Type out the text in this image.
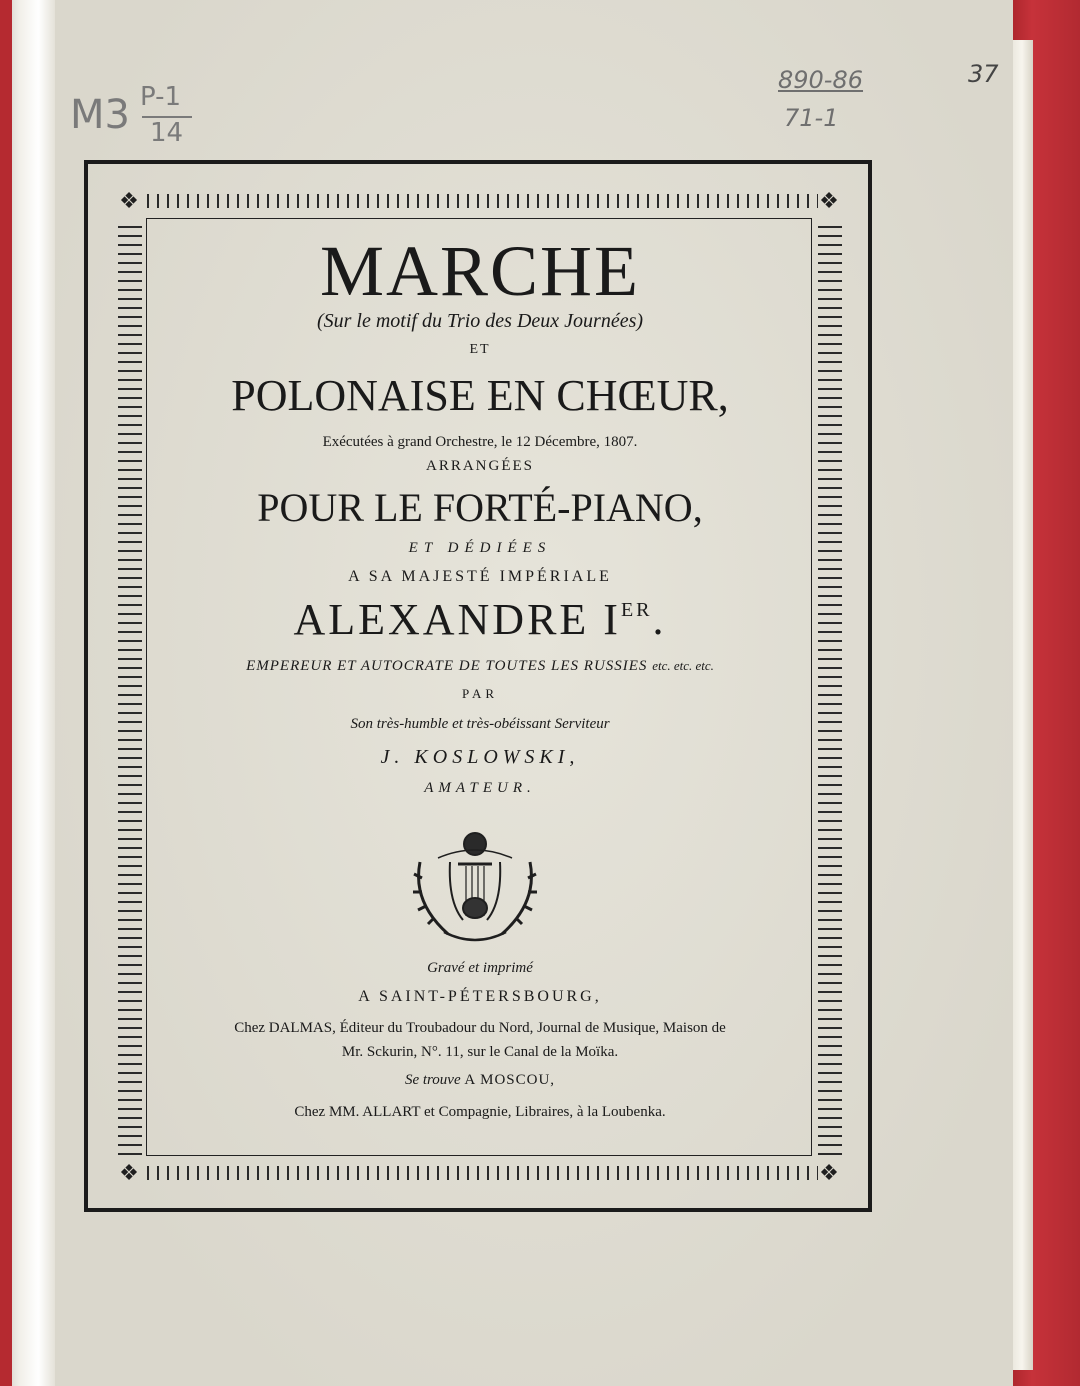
M3 P-1
14
890-86
71-1
37
❖	❖
❖	❖
MARCHE
(Sur le motif du Trio des Deux Journées)
ET
POLONAISE EN CHŒUR,
Exécutées à grand Orchestre, le 12 Décembre, 1807.
ARRANGÉES
POUR LE FORTÉ-PIANO,
ET DÉDIÉES
A SA MAJESTÉ IMPÉRIALE
ALEXANDRE IER.
EMPEREUR ET AUTOCRATE DE TOUTES LES RUSSIES etc. etc. etc.
PAR
Son très-humble et très-obéissant Serviteur
J. KOSLOWSKI,
AMATEUR.
Gravé et imprimé
A SAINT-PÉTERSBOURG,
Chez DALMAS, Éditeur du Troubadour du Nord, Journal de Musique, Maison de
Mr. Sckurin, N°. 11, sur le Canal de la Moïka.
Se trouve A MOSCOU,
Chez MM. ALLART et Compagnie, Libraires, à la Loubenka.
